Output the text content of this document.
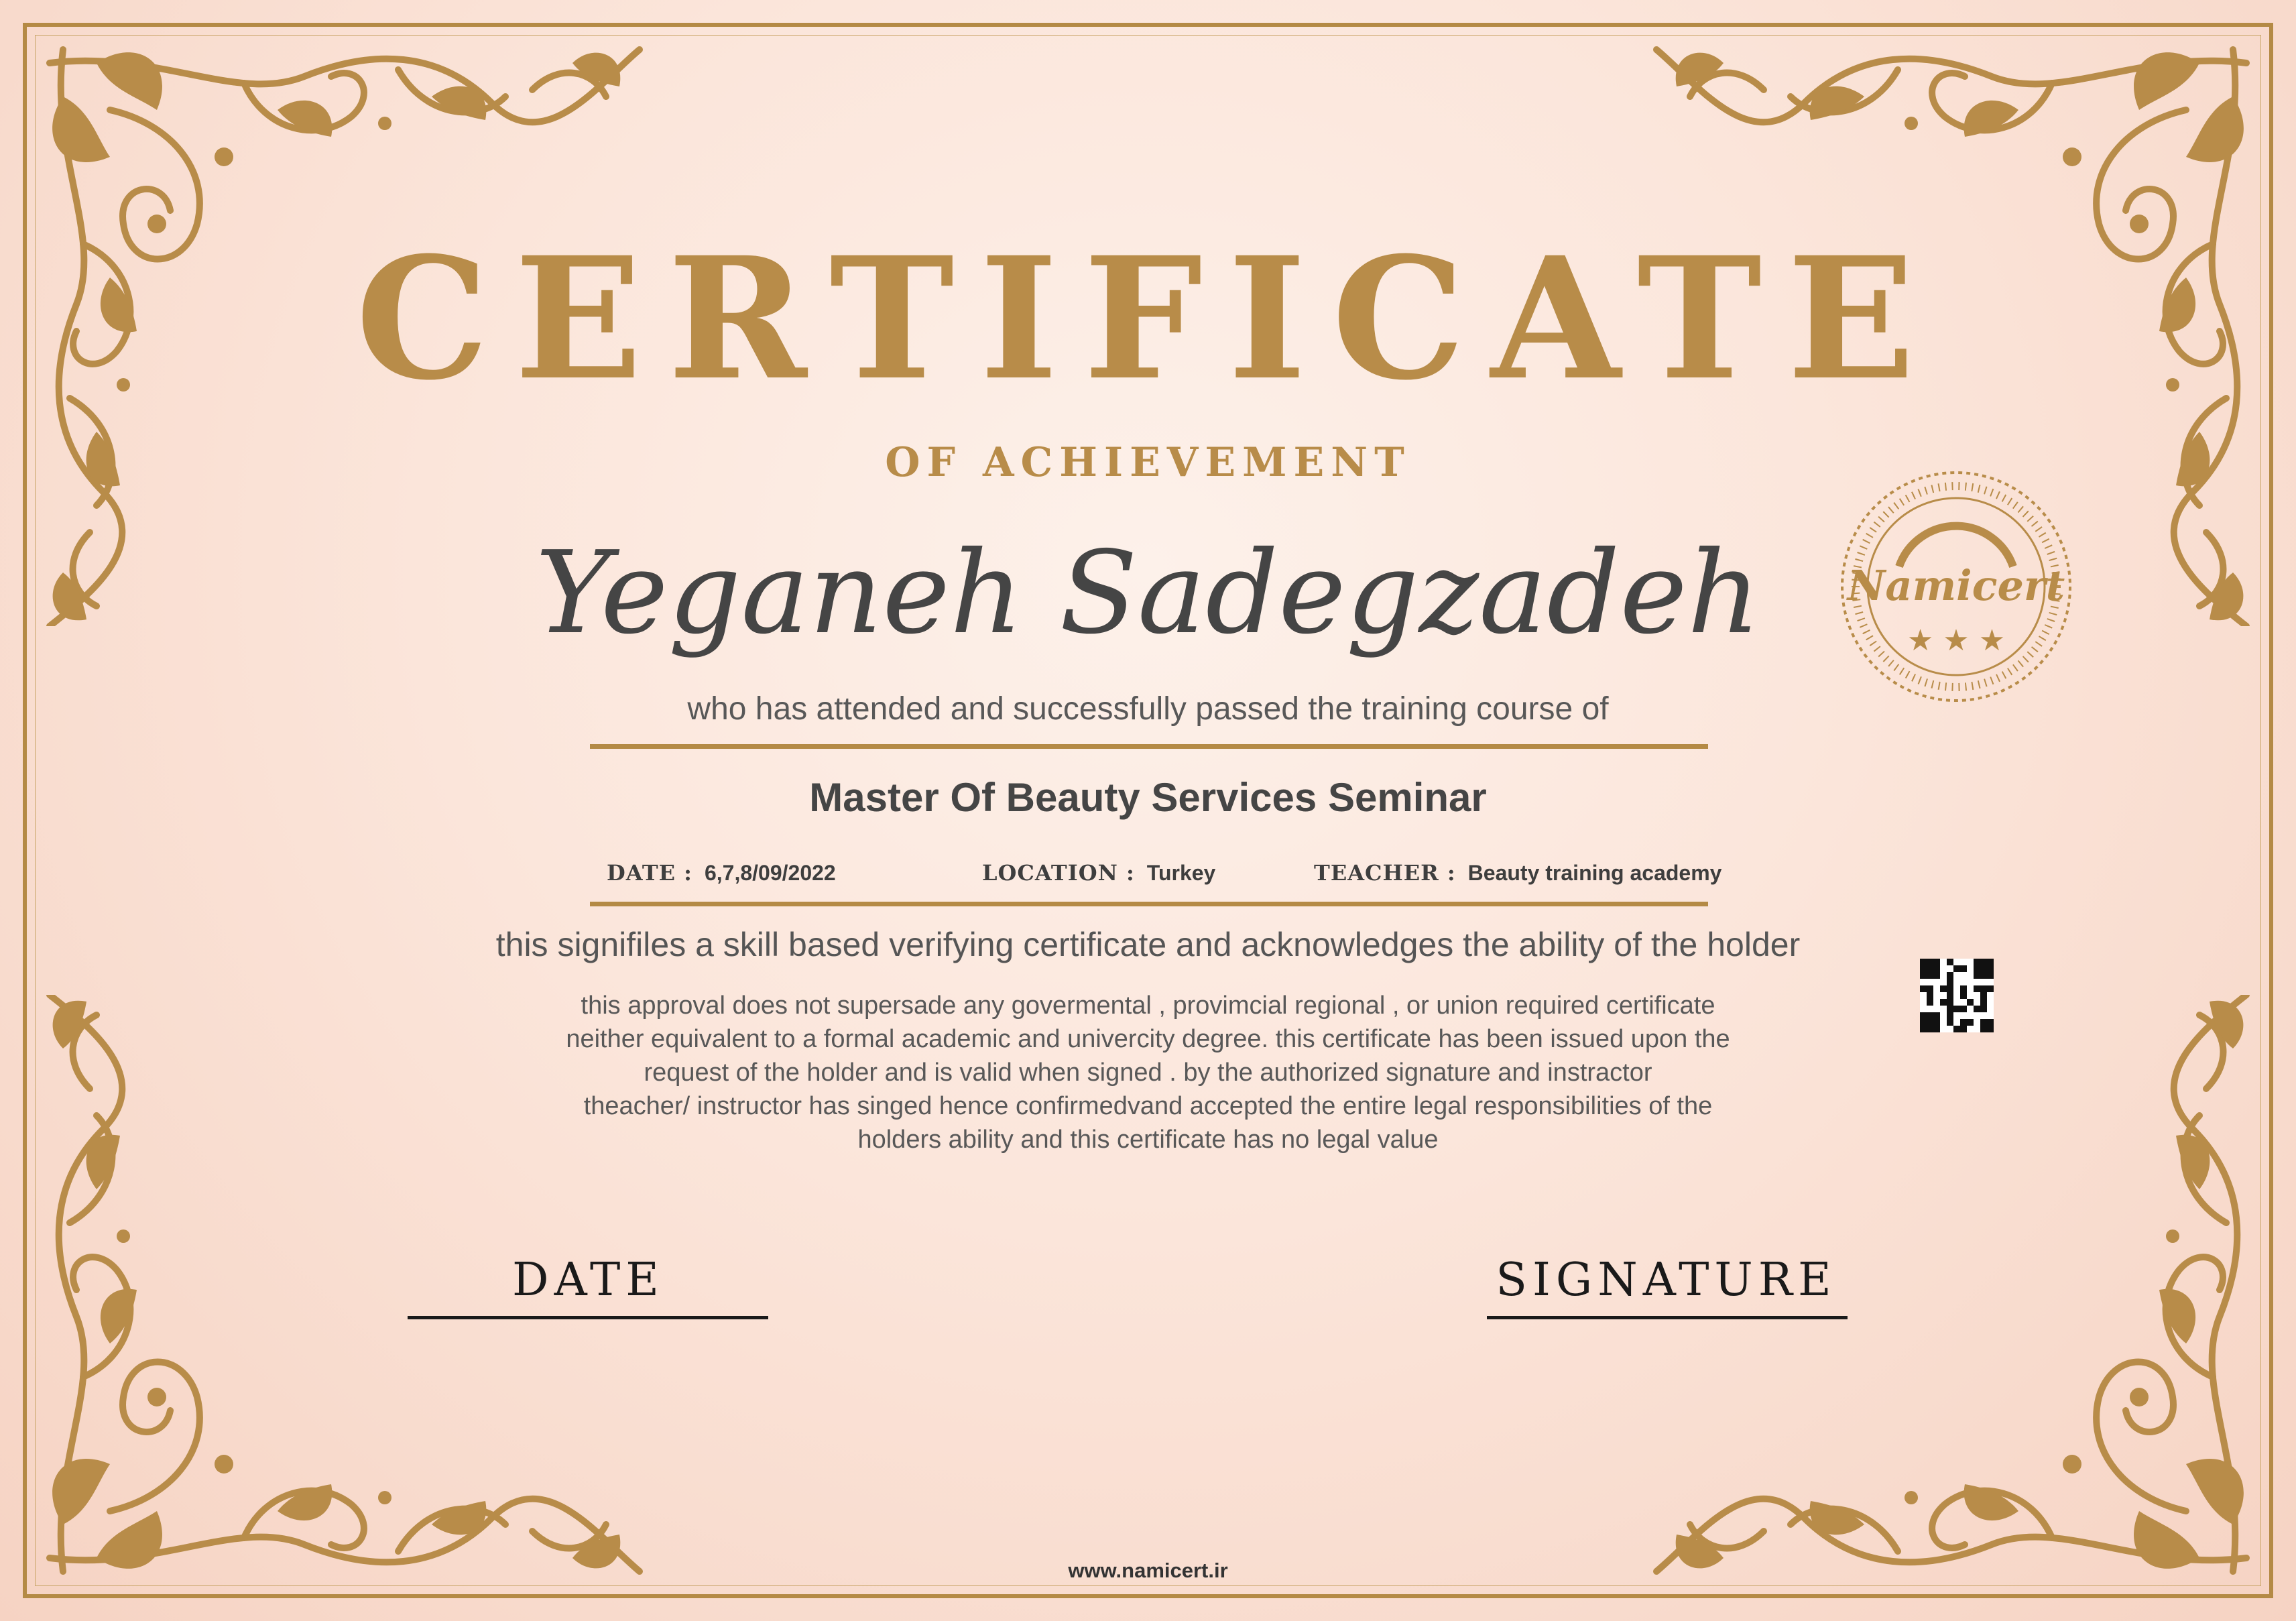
CERTIFICATE
OF ACHIEVEMENT
Yeganeh Sadegzadeh
who has attended and successfully passed the training course of
Master Of Beauty Services Seminar
DATE : 6,7,8/09/2022	LOCATION : Turkey	TEACHER : Beauty training academy
this signifiles a skill based verifying certificate and acknowledges the ability of the holder
this approval does not supersade any govermental , provimcial regional , or union required certificate
neither equivalent to a formal academic and univercity degree. this certificate has been issued upon the
request of the holder and is valid when signed . by the authorized signature and instractor
theacher/ instructor has singed hence confirmedvand accepted the entire legal responsibilities of the
holders ability and this certificate has no legal value
DATE	SIGNATURE
www.namicert.ir
Namicert
★ ★ ★
